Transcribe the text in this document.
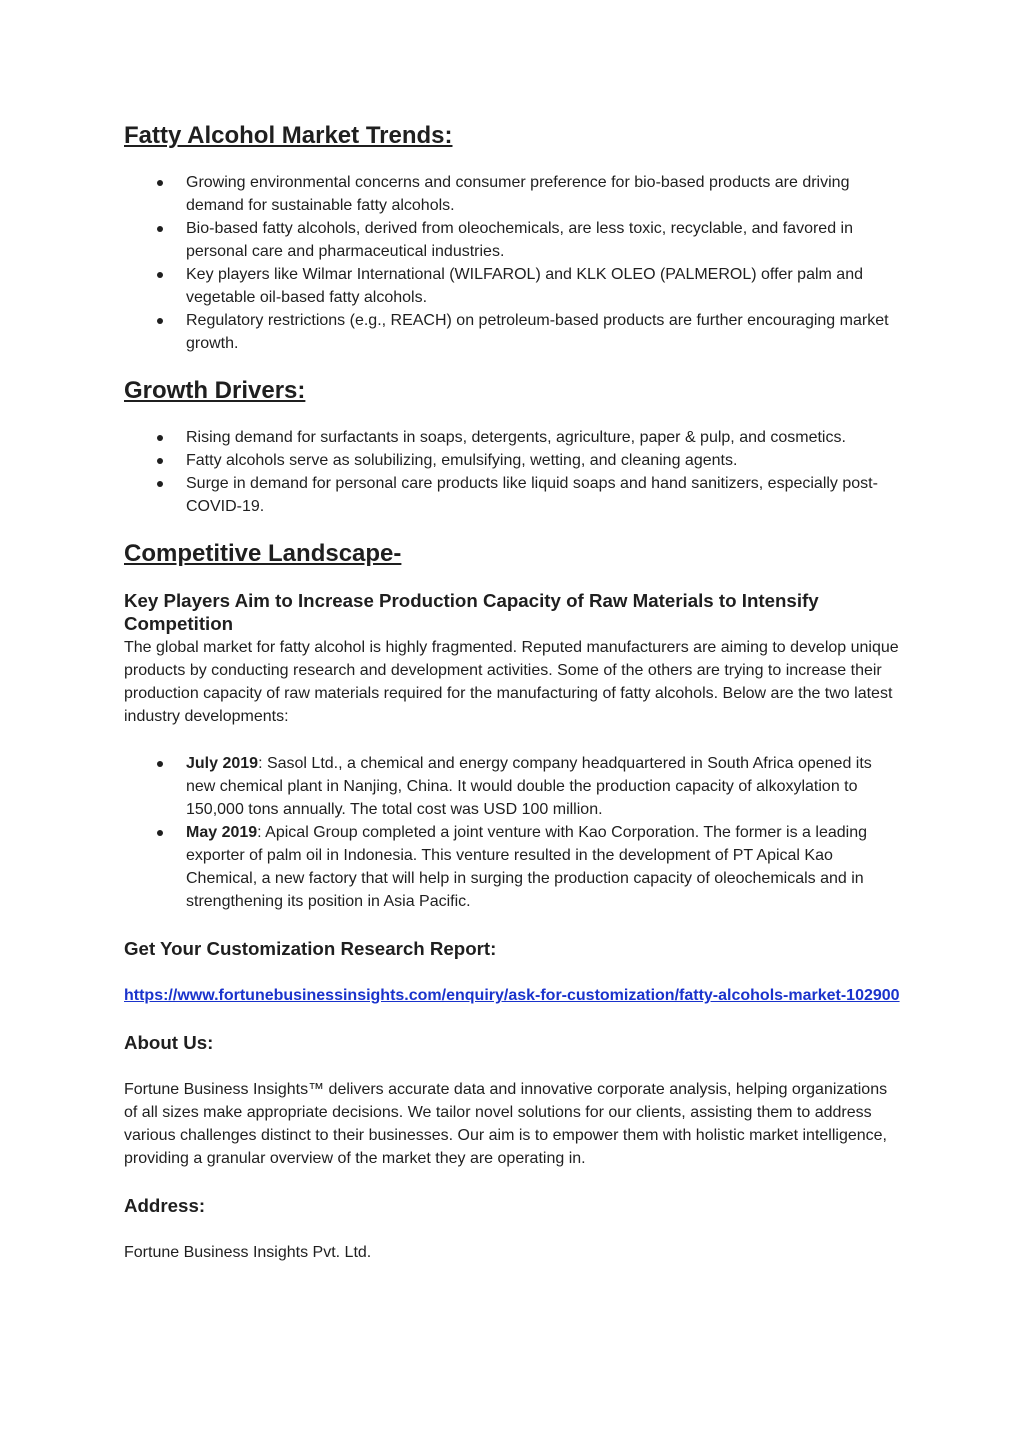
Fatty Alcohol Market Trends:
Growing environmental concerns and consumer preference for bio-based products are driving demand for sustainable fatty alcohols.
Bio-based fatty alcohols, derived from oleochemicals, are less toxic, recyclable, and favored in personal care and pharmaceutical industries.
Key players like Wilmar International (WILFAROL) and KLK OLEO (PALMEROL) offer palm and vegetable oil-based fatty alcohols.
Regulatory restrictions (e.g., REACH) on petroleum-based products are further encouraging market growth.
Growth Drivers:
Rising demand for surfactants in soaps, detergents, agriculture, paper & pulp, and cosmetics.
Fatty alcohols serve as solubilizing, emulsifying, wetting, and cleaning agents.
Surge in demand for personal care products like liquid soaps and hand sanitizers, especially post-COVID-19.
Competitive Landscape-
Key Players Aim to Increase Production Capacity of Raw Materials to Intensify Competition

The global market for fatty alcohol is highly fragmented. Reputed manufacturers are aiming to develop unique products by conducting research and development activities. Some of the others are trying to increase their production capacity of raw materials required for the manufacturing of fatty alcohols. Below are the two latest industry developments:

July 2019: Sasol Ltd., a chemical and energy company headquartered in South Africa opened its new chemical plant in Nanjing, China. It would double the production capacity of alkoxylation to 150,000 tons annually. The total cost was USD 100 million.
May 2019: Apical Group completed a joint venture with Kao Corporation. The former is a leading exporter of palm oil in Indonesia. This venture resulted in the development of PT Apical Kao Chemical, a new factory that will help in surging the production capacity of oleochemicals and in strengthening its position in Asia Pacific.
Get Your Customization Research Report:
https://www.fortunebusinessinsights.com/enquiry/ask-for-customization/fatty-alcohols-market-102900
About Us:

Fortune Business Insights™ delivers accurate data and innovative corporate analysis, helping organizations of all sizes make appropriate decisions. We tailor novel solutions for our clients, assisting them to address various challenges distinct to their businesses. Our aim is to empower them with holistic market intelligence, providing a granular overview of the market they are operating in.

Address:

Fortune Business Insights Pvt. Ltd.
